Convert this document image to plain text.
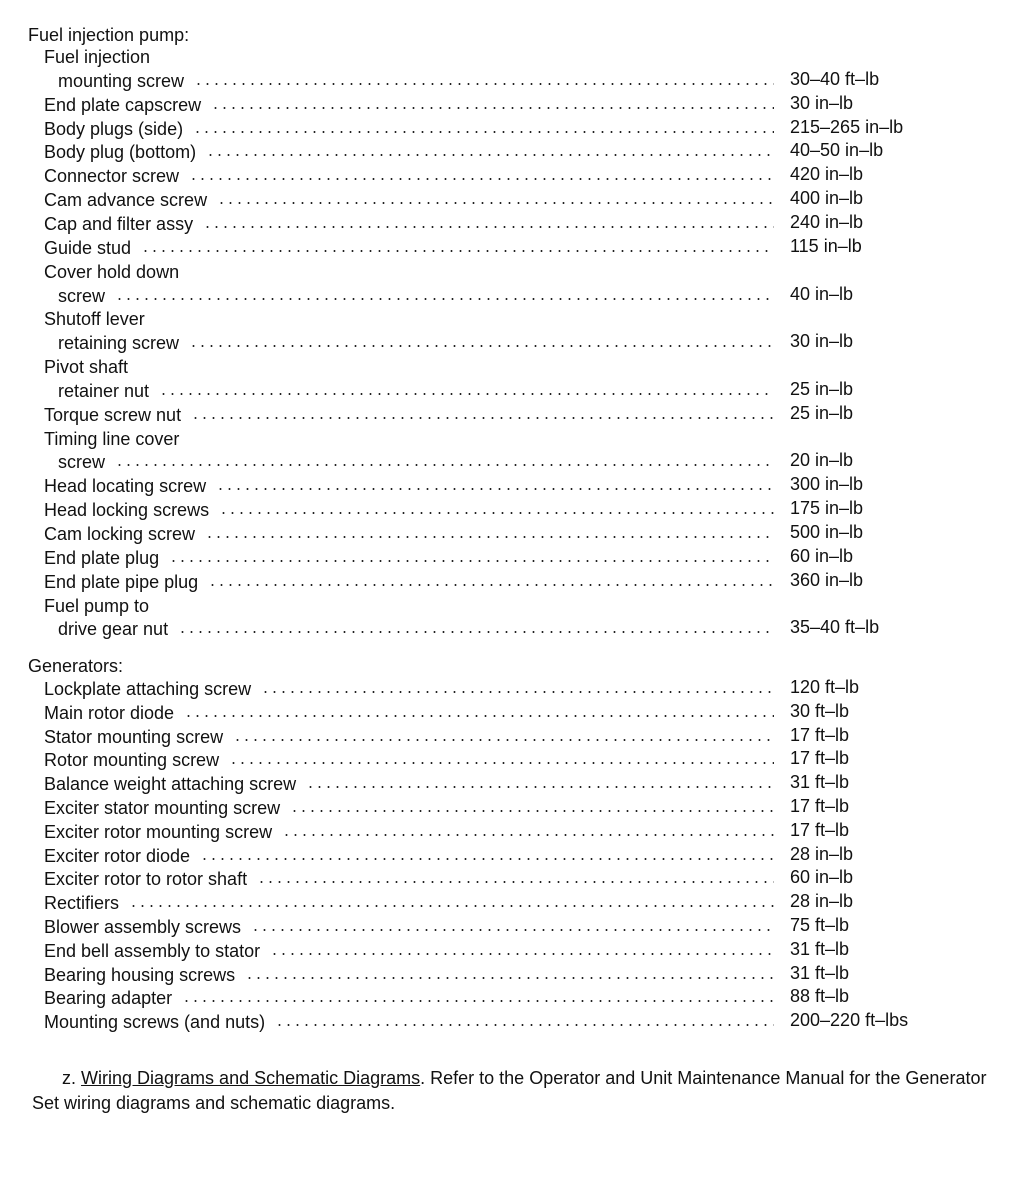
Fuel injection pump:
Fuel injection
mounting screw	30–40 ft–lb
End plate capscrew	30 in–lb
Body plugs (side)	215–265 in–lb
Body plug (bottom)	40–50 in–lb
Connector screw	420 in–lb
Cam advance screw	400 in–lb
Cap and filter assy	240 in–lb
Guide stud	115 in–lb
Cover hold down
screw	40 in–lb
Shutoff lever
retaining screw	30 in–lb
Pivot shaft
retainer nut	25 in–lb
Torque screw nut	25 in–lb
Timing line cover
screw	20 in–lb
Head locating screw	300 in–lb
Head locking screws	175 in–lb
Cam locking screw	500 in–lb
End plate plug	60 in–lb
End plate pipe plug	360 in–lb
Fuel pump to
drive gear nut	35–40 ft–lb
Generators:
Lockplate attaching screw	120 ft–lb
Main rotor diode	30 ft–lb
Stator mounting screw	17 ft–lb
Rotor mounting screw	17 ft–lb
Balance weight attaching screw	31 ft–lb
Exciter stator mounting screw	17 ft–lb
Exciter rotor mounting screw	17 ft–lb
Exciter rotor diode	28 in–lb
Exciter rotor to rotor shaft	60 in–lb
Rectifiers	28 in–lb
Blower assembly screws	75 ft–lb
End bell assembly to stator	31 ft–lb
Bearing housing screws	31 ft–lb
Bearing adapter	88 ft–lb
Mounting screws (and nuts)	200–220 ft–lbs
z. Wiring Diagrams and Schematic Diagrams. Refer to the Operator and Unit Maintenance Manual for the Generator Set wiring diagrams and schematic diagrams.
